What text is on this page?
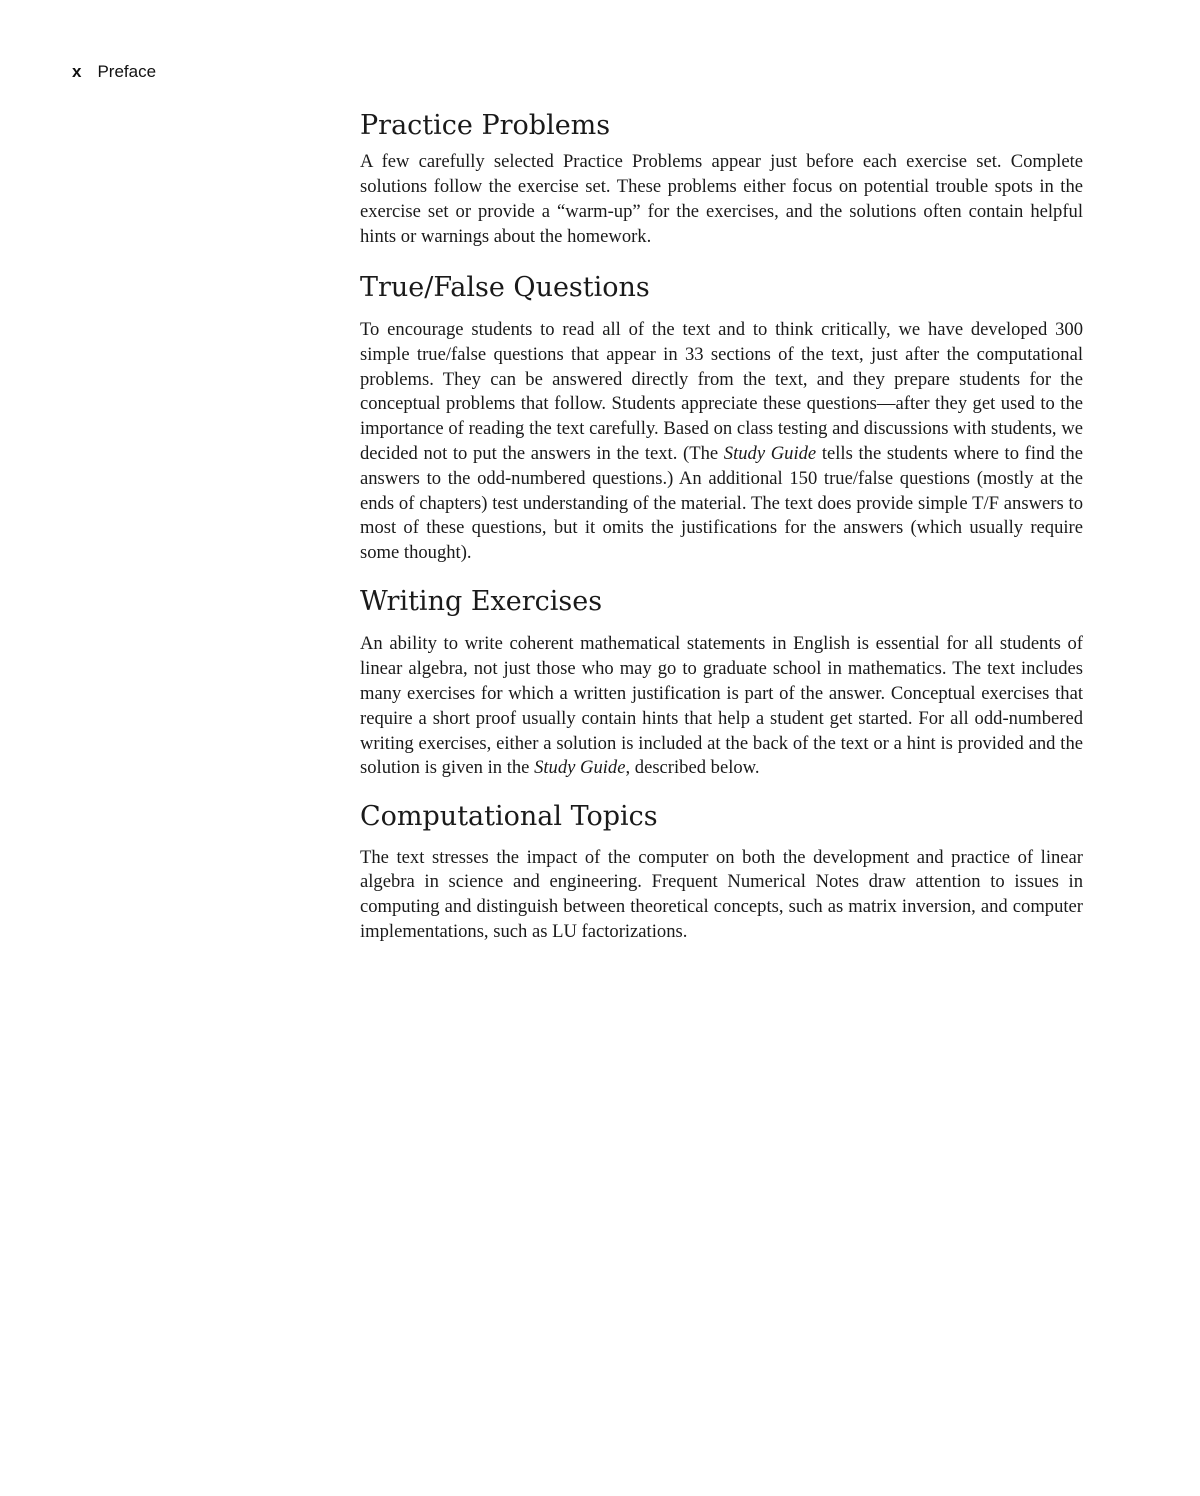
x Preface
Practice Problems

A few carefully selected Practice Problems appear just before each exercise set. Complete solutions follow the exercise set. These problems either focus on potential trouble spots in the exercise set or provide a “warm-up” for the exercises, and the solutions often contain helpful hints or warnings about the homework.

True/False Questions

To encourage students to read all of the text and to think critically, we have developed 300 simple true/false questions that appear in 33 sections of the text, just after the computational problems. They can be answered directly from the text, and they prepare students for the conceptual problems that follow. Students appreciate these questions—after they get used to the importance of reading the text carefully. Based on class testing and discussions with students, we decided not to put the answers in the text. (The Study Guide tells the students where to find the answers to the odd-numbered questions.) An additional 150 true/false questions (mostly at the ends of chapters) test understanding of the material. The text does provide simple T/F answers to most of these questions, but it omits the justifications for the answers (which usually require some thought).

Writing Exercises

An ability to write coherent mathematical statements in English is essential for all students of linear algebra, not just those who may go to graduate school in mathematics. The text includes many exercises for which a written justification is part of the answer. Conceptual exercises that require a short proof usually contain hints that help a student get started. For all odd-numbered writing exercises, either a solution is included at the back of the text or a hint is provided and the solution is given in the Study Guide, described below.

Computational Topics

The text stresses the impact of the computer on both the development and practice of linear algebra in science and engineering. Frequent Numerical Notes draw attention to issues in computing and distinguish between theoretical concepts, such as matrix inversion, and computer implementations, such as LU factorizations.
